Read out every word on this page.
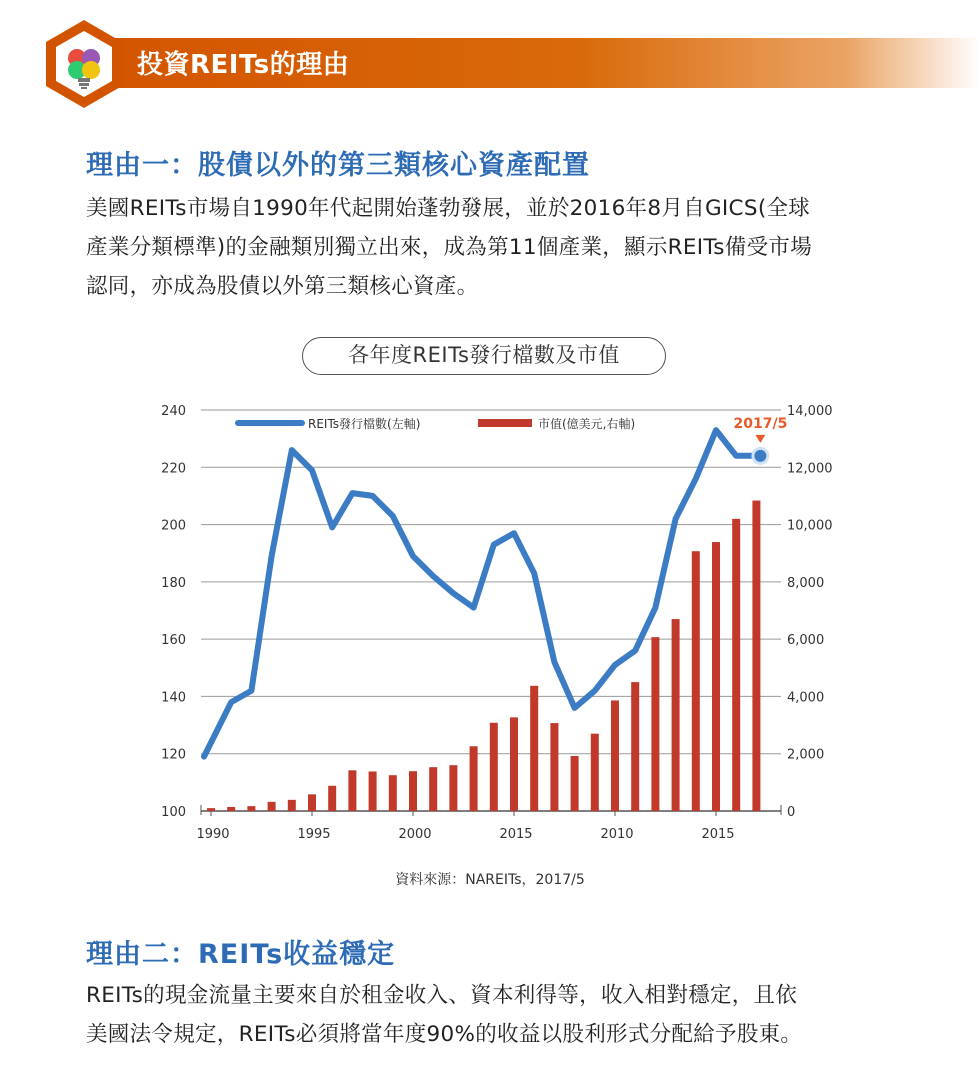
投資REITs的理由
理由一：股債以外的第三類核心資產配置
美國REITs市場自1990年代起開始蓬勃發展，並於2016年8月自GICS(全球
產業分類標準)的金融類別獨立出來，成為第11個產業，顯示REITs備受市場
認同，亦成為股債以外第三類核心資產。
各年度REITs發行檔數及市值
100	0
120	2,000
140	4,000
160	6,000
180	8,000
200	10,000
220	12,000
240	14,000
1990	1995	2000	2015	2010	2015
2017/5
REITs發行檔數(左軸)	市值(億美元,右軸)
資料來源：NAREITs，2017/5
理由二：REITs收益穩定
REITs的現金流量主要來自於租金收入、資本利得等，收入相對穩定，且依
美國法令規定，REITs必須將當年度90%的收益以股利形式分配給予股東。
